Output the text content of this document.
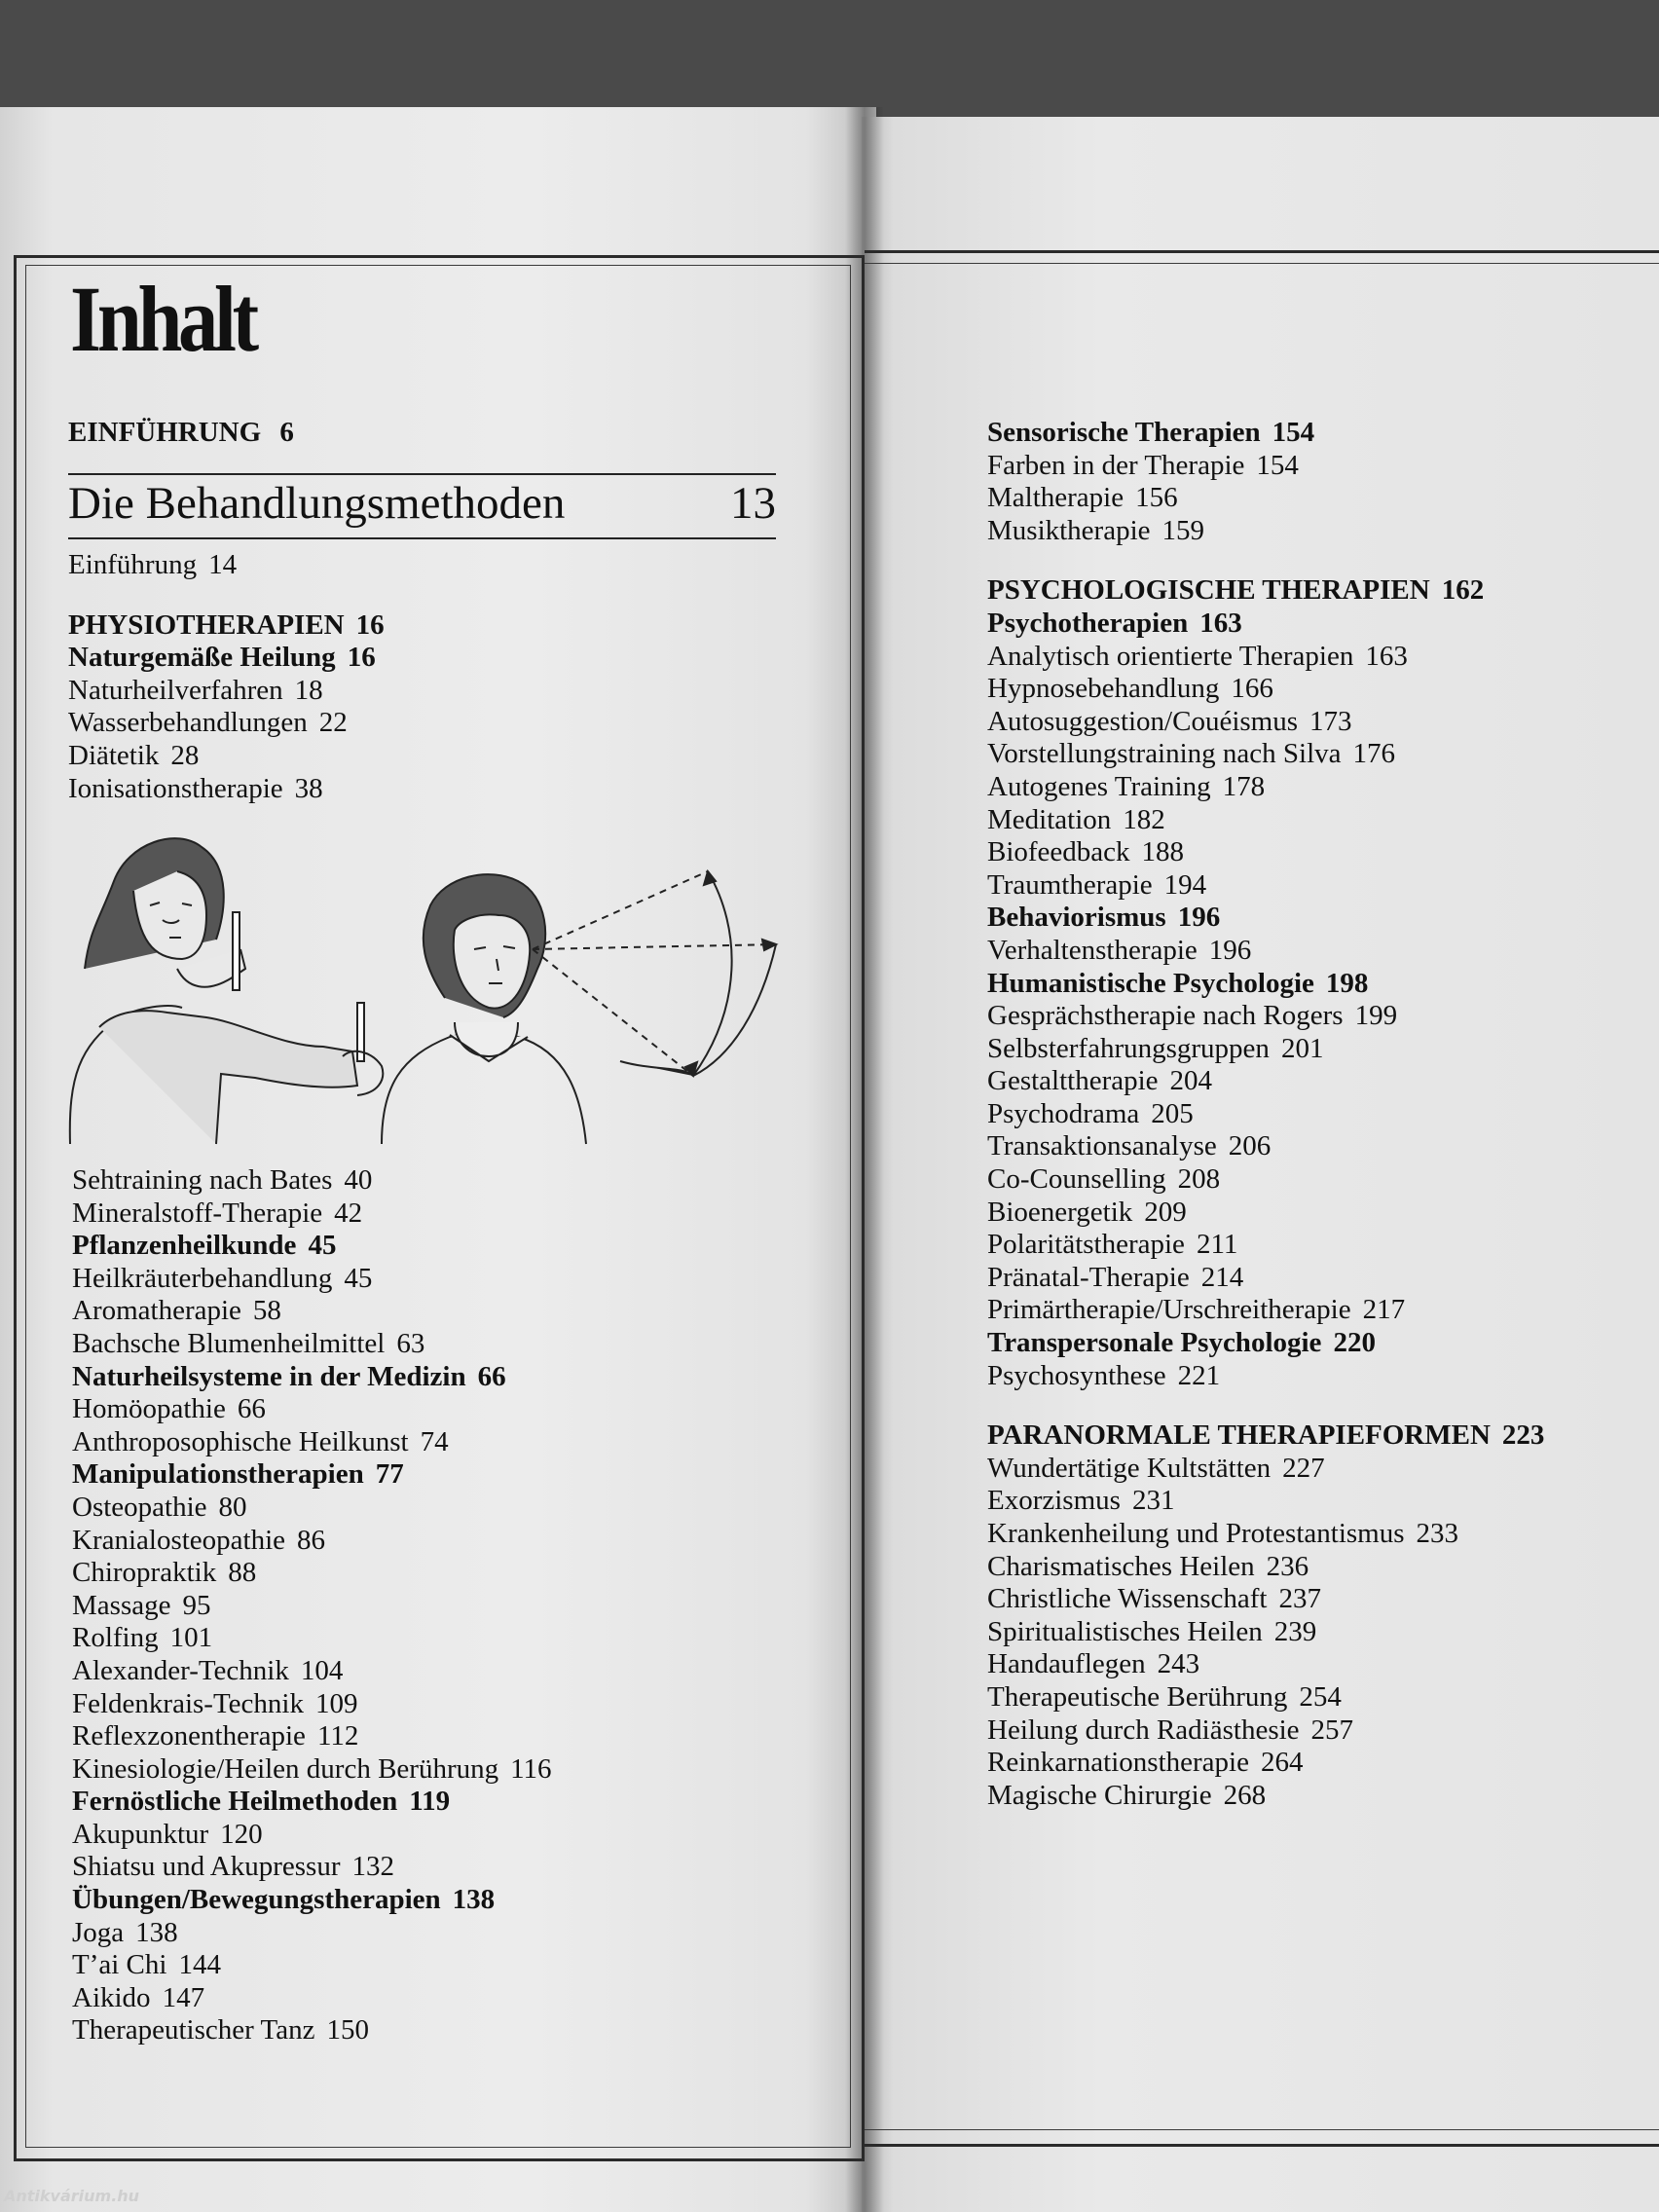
Inhalt
EINFÜHRUNG 6
Die Behandlungsmethoden	13
Einführung 14
PHYSIOTHERAPIEN 16
Naturgemäße Heilung 16
Naturheilverfahren 18
Wasserbehandlungen 22
Diätetik 28
Ionisationstherapie 38
Sehtraining nach Bates 40
Mineralstoff-Therapie 42
Pflanzenheilkunde 45
Heilkräuterbehandlung 45
Aromatherapie 58
Bachsche Blumenheilmittel 63
Naturheilsysteme in der Medizin 66
Homöopathie 66
Anthroposophische Heilkunst 74
Manipulationstherapien 77
Osteopathie 80
Kranialosteopathie 86
Chiropraktik 88
Massage 95
Rolfing 101
Alexander-Technik 104
Feldenkrais-Technik 109
Reflexzonentherapie 112
Kinesiologie/Heilen durch Berührung 116
Fernöstliche Heilmethoden 119
Akupunktur 120
Shiatsu und Akupressur 132
Übungen/Bewegungstherapien 138
Joga 138
T’ai Chi 144
Aikido 147
Therapeutischer Tanz 150
Sensorische Therapien 154
Farben in der Therapie 154
Maltherapie 156
Musiktherapie 159
PSYCHOLOGISCHE THERAPIEN 162
Psychotherapien 163
Analytisch orientierte Therapien 163
Hypnosebehandlung 166
Autosuggestion/Couéismus 173
Vorstellungstraining nach Silva 176
Autogenes Training 178
Meditation 182
Biofeedback 188
Traumtherapie 194
Behaviorismus 196
Verhaltenstherapie 196
Humanistische Psychologie 198
Gesprächstherapie nach Rogers 199
Selbsterfahrungsgruppen 201
Gestalttherapie 204
Psychodrama 205
Transaktionsanalyse 206
Co-Counselling 208
Bioenergetik 209
Polaritätstherapie 211
Pränatal-Therapie 214
Primärtherapie/Urschreitherapie 217
Transpersonale Psychologie 220
Psychosynthese 221
PARANORMALE THERAPIEFORMEN 223
Wundertätige Kultstätten 227
Exorzismus 231
Krankenheilung und Protestantismus 233
Charismatisches Heilen 236
Christliche Wissenschaft 237
Spiritualistisches Heilen 239
Handauflegen 243
Therapeutische Berührung 254
Heilung durch Radiästhesie 257
Reinkarnationstherapie 264
Magische Chirurgie 268
Antikvárium.hu
